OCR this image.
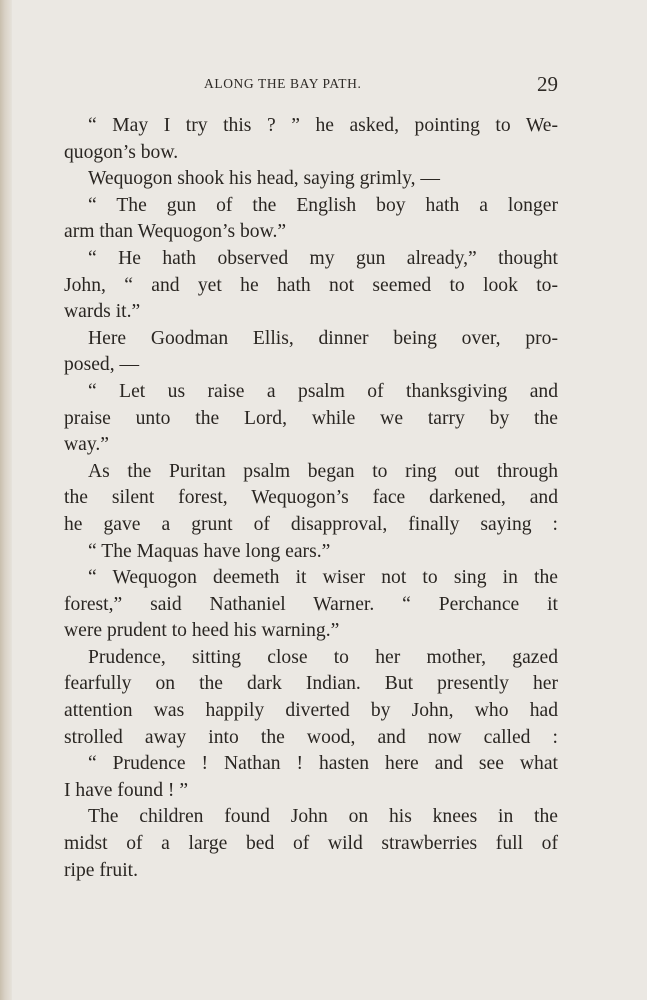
ALONG THE BAY PATH.	29
“ May I try this ? ” he asked, pointing to We-
quogon’s bow.
Wequogon shook his head, saying grimly, —
“ The gun of the English boy hath a longer
arm than Wequogon’s bow.”
“ He hath observed my gun already,” thought
John, “ and yet he hath not seemed to look to-
wards it.”
Here Goodman Ellis, dinner being over, pro-
posed, —
“ Let us raise a psalm of thanksgiving and
praise unto the Lord, while we tarry by the
way.”
As the Puritan psalm began to ring out through
the silent forest, Wequogon’s face darkened, and
he gave a grunt of disapproval, finally saying :
“ The Maquas have long ears.”
“ Wequogon deemeth it wiser not to sing in the
forest,” said Nathaniel Warner. “ Perchance it
were prudent to heed his warning.”
Prudence, sitting close to her mother, gazed
fearfully on the dark Indian. But presently her
attention was happily diverted by John, who had
strolled away into the wood, and now called :
“ Prudence ! Nathan ! hasten here and see what
I have found ! ”
The children found John on his knees in the
midst of a large bed of wild strawberries full of
ripe fruit.
